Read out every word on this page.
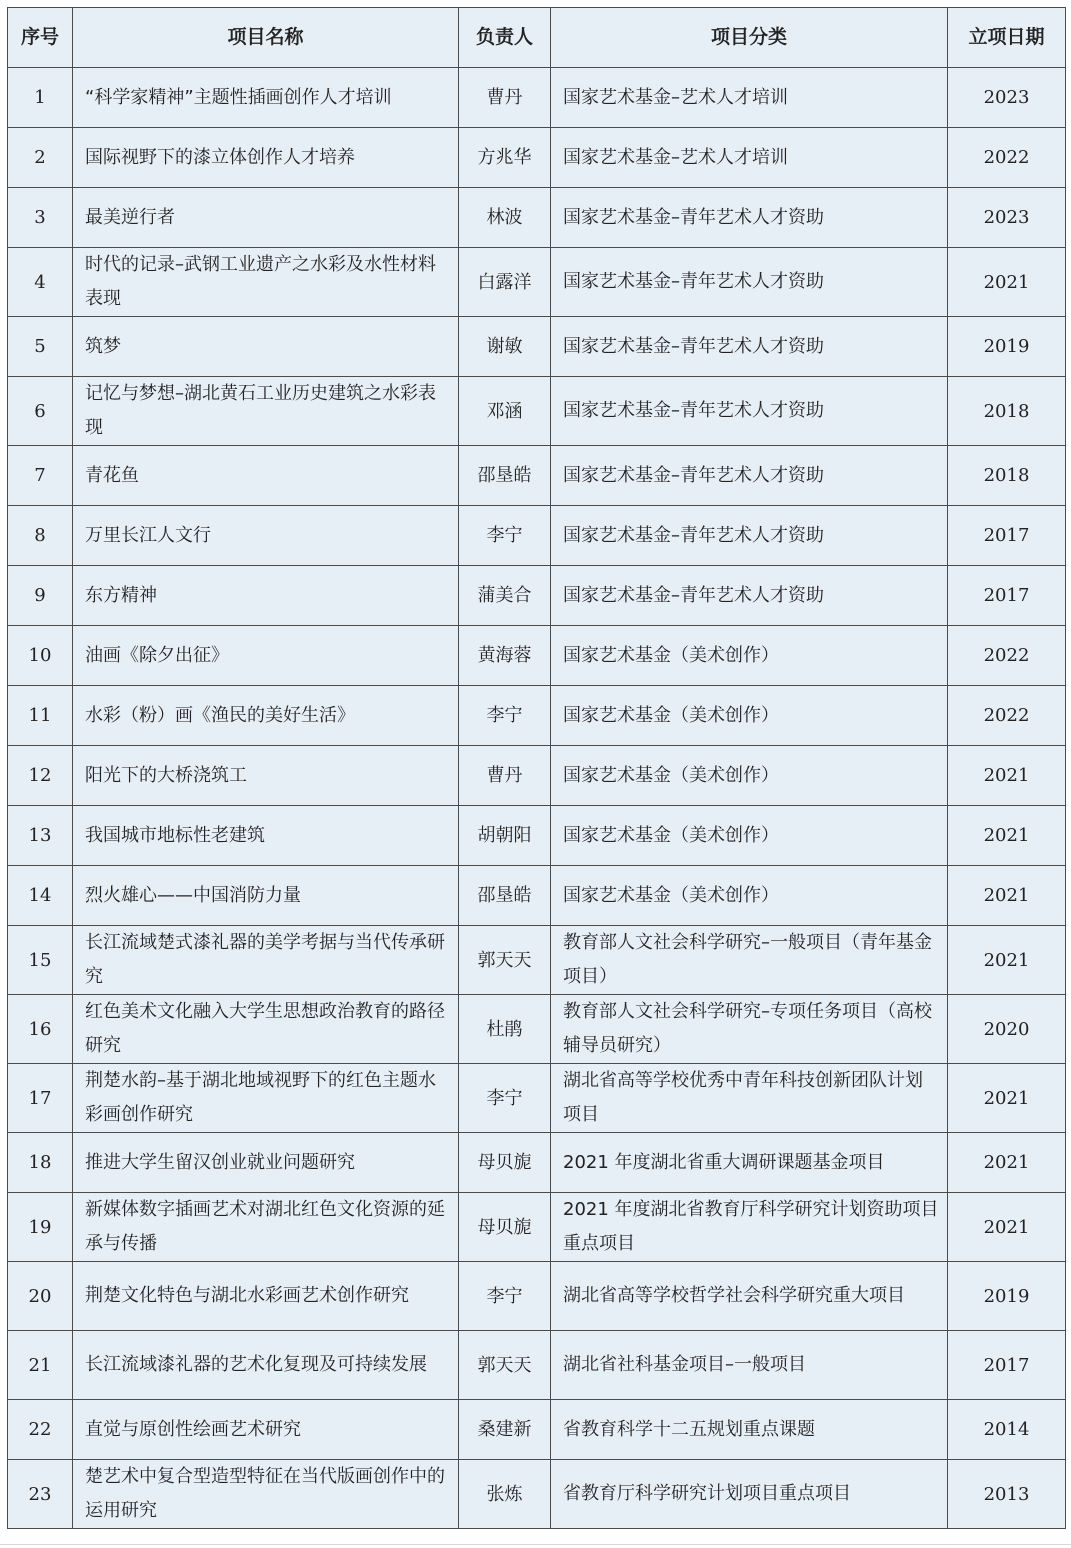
序号	项目名称	负责人	项目分类	立项日期
1	“科学家精神”主题性插画创作人才培训	曹丹	国家艺术基金–艺术人才培训	2023
2	国际视野下的漆立体创作人才培养	方兆华	国家艺术基金–艺术人才培训	2022
3	最美逆行者	林波	国家艺术基金–青年艺术人才资助	2023
4	时代的记录–武钢工业遗产之水彩及水性材料表现	白露洋	国家艺术基金–青年艺术人才资助	2021
5	筑梦	谢敏	国家艺术基金–青年艺术人才资助	2019
6	记忆与梦想–湖北黄石工业历史建筑之水彩表现	邓涵	国家艺术基金–青年艺术人才资助	2018
7	青花鱼	邵垦皓	国家艺术基金–青年艺术人才资助	2018
8	万里长江人文行	李宁	国家艺术基金–青年艺术人才资助	2017
9	东方精神	蒲美合	国家艺术基金–青年艺术人才资助	2017
10	油画《除夕出征》	黄海蓉	国家艺术基金（美术创作）	2022
11	水彩（粉）画《渔民的美好生活》	李宁	国家艺术基金（美术创作）	2022
12	阳光下的大桥浇筑工	曹丹	国家艺术基金（美术创作）	2021
13	我国城市地标性老建筑	胡朝阳	国家艺术基金（美术创作）	2021
14	烈火雄心——中国消防力量	邵垦皓	国家艺术基金（美术创作）	2021
15	长江流域楚式漆礼器的美学考据与当代传承研究	郭天天	教育部人文社会科学研究–一般项目（青年基金项目）	2021
16	红色美术文化融入大学生思想政治教育的路径研究	杜鹃	教育部人文社会科学研究–专项任务项目（高校辅导员研究）	2020
17	荆楚水韵–基于湖北地域视野下的红色主题水彩画创作研究	李宁	湖北省高等学校优秀中青年科技创新团队计划项目	2021
18	推进大学生留汉创业就业问题研究	母贝旎	2021 年度湖北省重大调研课题基金项目	2021
19	新媒体数字插画艺术对湖北红色文化资源的延承与传播	母贝旎	2021 年度湖北省教育厅科学研究计划资助项目重点项目	2021
20	荆楚文化特色与湖北水彩画艺术创作研究	李宁	湖北省高等学校哲学社会科学研究重大项目	2019
21	长江流域漆礼器的艺术化复现及可持续发展	郭天天	湖北省社科基金项目–一般项目	2017
22	直觉与原创性绘画艺术研究	桑建新	省教育科学十二五规划重点课题	2014
23	楚艺术中复合型造型特征在当代版画创作中的运用研究	张炼	省教育厅科学研究计划项目重点项目	2013
